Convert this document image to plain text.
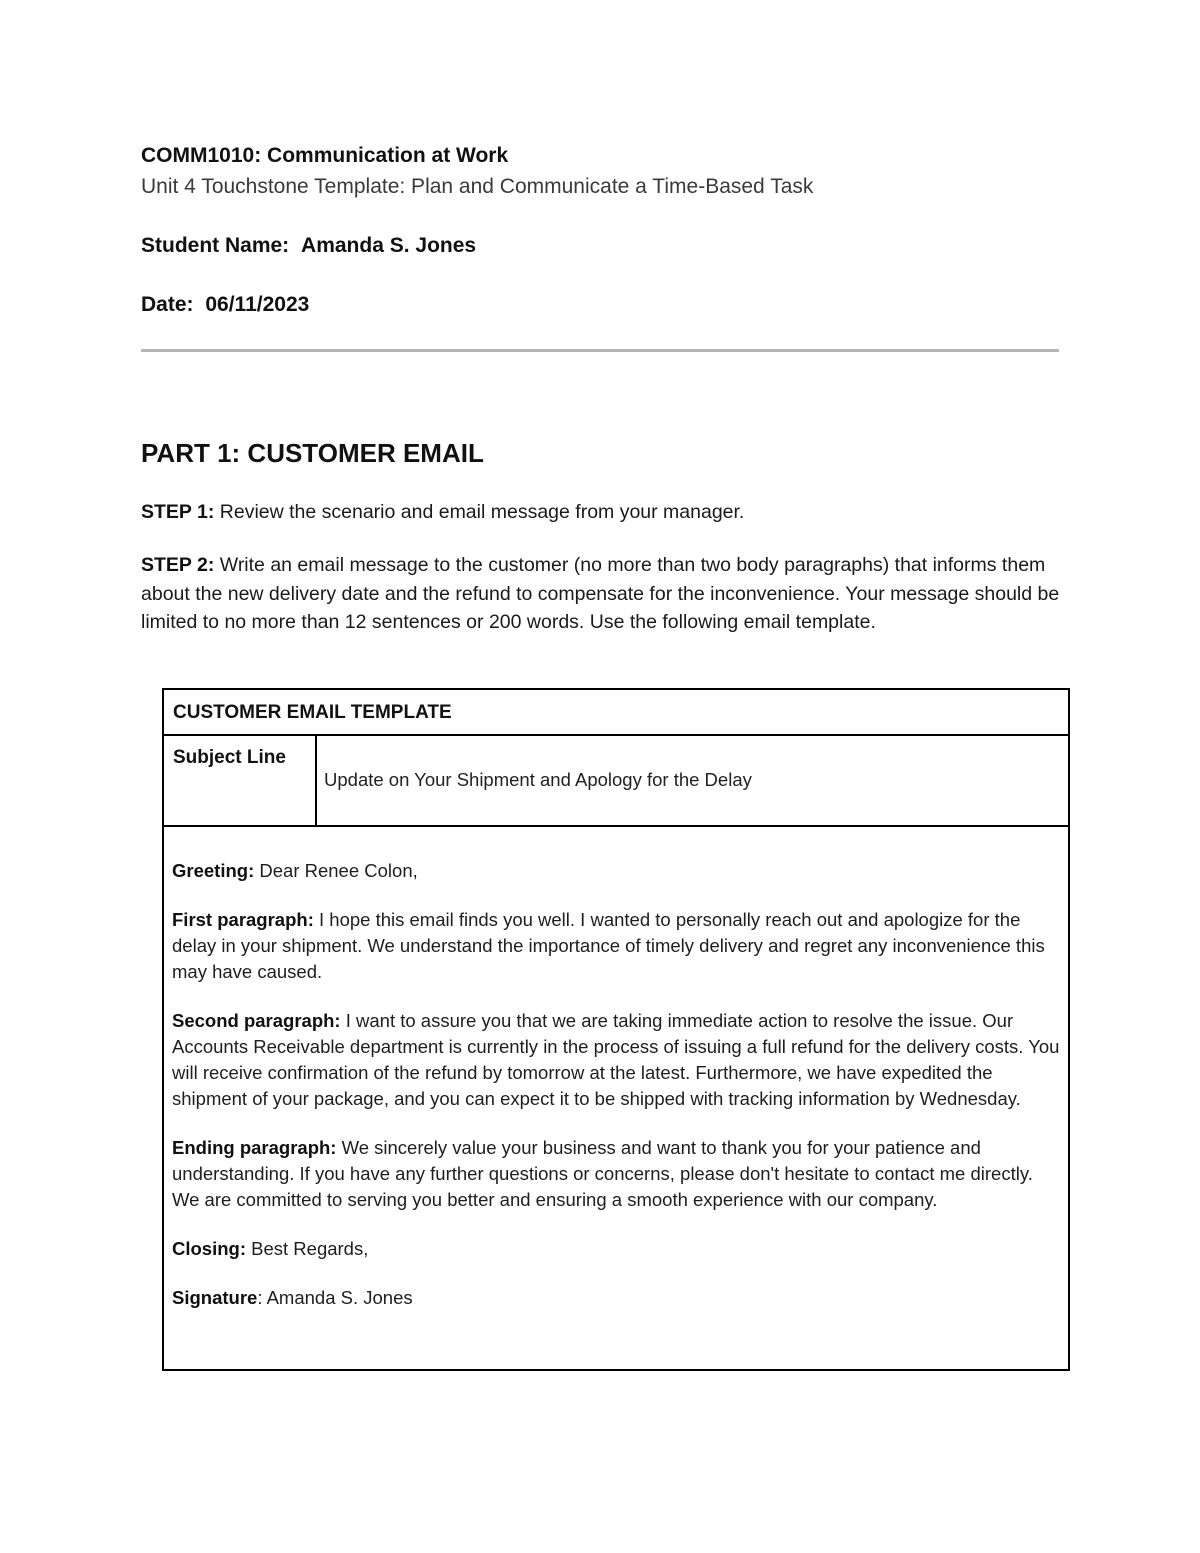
COMM1010: Communication at Work
Unit 4 Touchstone Template: Plan and Communicate a Time-Based Task
Student Name: Amanda S. Jones
Date: 06/11/2023
PART 1: CUSTOMER EMAIL
STEP 1: Review the scenario and email message from your manager.
STEP 2: Write an email message to the customer (no more than two body paragraphs) that informs them about the new delivery date and the refund to compensate for the inconvenience. Your message should be limited to no more than 12 sentences or 200 words. Use the following email template.
CUSTOMER EMAIL TEMPLATE
Subject Line
Update on Your Shipment and Apology for the Delay

Greeting: Dear Renee Colon,

First paragraph: I hope this email finds you well. I wanted to personally reach out and apologize for the delay in your shipment. We understand the importance of timely delivery and regret any inconvenience this may have caused.

Second paragraph: I want to assure you that we are taking immediate action to resolve the issue. Our Accounts Receivable department is currently in the process of issuing a full refund for the delivery costs. You will receive confirmation of the refund by tomorrow at the latest. Furthermore, we have expedited the shipment of your package, and you can expect it to be shipped with tracking information by Wednesday.

Ending paragraph: We sincerely value your business and want to thank you for your patience and understanding. If you have any further questions or concerns, please don't hesitate to contact me directly. We are committed to serving you better and ensuring a smooth experience with our company.

Closing: Best Regards,

Signature: Amanda S. Jones
